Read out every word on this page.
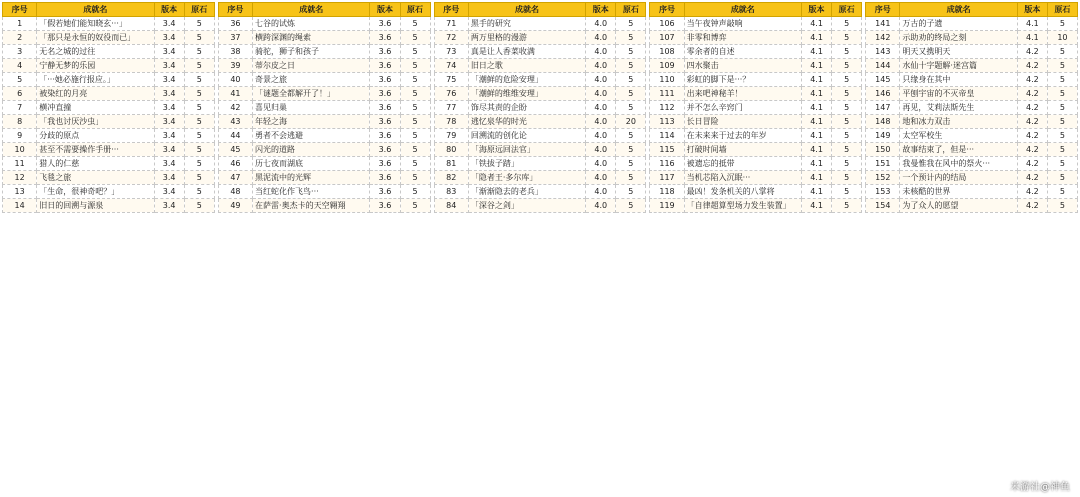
序号	成就名	版本	原石
1	「假若她们能知晓玄···」	3.4	5
2	「那只是永恒的奴役而已」	3.4	5
3	无名之城的过往	3.4	5
4	宁静无梦的乐园	3.4	5
5	「···她必施行报应。」	3.4	5
6	被染红的月亮	3.4	5
7	横冲直撞	3.4	5
8	「我也讨厌沙虫」	3.4	5
9	分歧的原点	3.4	5
10	甚至不需要操作手册···	3.4	5
11	猎人的仁慈	3.4	5
12	飞毯之旅	3.4	5
13	「生命，很神奇吧？」	3.4	5
14	旧日的回溯与源泉	3.4	5
序号	成就名	版本	原石
36	七谷的试炼	3.6	5
37	横跨深渊的绳索	3.6	5
38	骑驼，狮子和孩子	3.6	5
39	蒂尔皮之日	3.6	5
40	奇景之旅	3.6	5
41	「谜题全都解开了！」	3.6	5
42	喜见归巢	3.6	5
43	年轻之海	3.6	5
44	勇者不会逃避	3.6	5
45	闪光的道路	3.6	5
46	历七夜而湖底	3.6	5
47	黑泥流中的光辉	3.6	5
48	当红蛇化作飞鸟···	3.6	5
49	在萨雷·奥杰卡的天空翱翔	3.6	5
序号	成就名	版本	原石
71	黑手的研究	4.0	5
72	两万里格的漫游	4.0	5
73	真是让人香菜收满	4.0	5
74	旧日之歌	4.0	5
75	「潮鲜的危险安理」	4.0	5
76	「潮鲜的维维安理」	4.0	5
77	饰尽其责的企盼	4.0	5
78	逃忆泉华的时光	4.0	20
79	回溯流的创化论	4.0	5
80	「海原远回法官」	4.0	5
81	「铁拔子踏」	4.0	5
82	「隐者王·多尔库」	4.0	5
83	「渐渐隐去的老兵」	4.0	5
84	「深谷之剑」	4.0	5
序号	成就名	版本	原石
106	当午夜钟声敲响	4.1	5
107	非零和博弈	4.1	5
108	零余者的自述	4.1	5
109	四水聚击	4.1	5
110	彩虹的脚下是···？	4.1	5
111	出来吧神秘羊！	4.1	5
112	并不怎么辛窍门	4.1	5
113	长日冒险	4.1	5
114	在未来来于过去的年岁	4.1	5
115	打破时间墙	4.1	5
116	被遗忘的抵带	4.1	5
117	当机芯陷入沉眠···	4.1	5
118	最凶！发条机关的八掌将	4.1	5
119	「自律超算型场力发生装置」	4.1	5
序号	成就名	版本	原石
141	万古的子遗	4.1	5
142	示助劝的终局之刻	4.1	10
143	明天又携明天	4.2	5
144	水仙十字题解·迷宫篇	4.2	5
145	只缘身在其中	4.2	5
146	平刨宇宙的不灭帝皇	4.2	5
147	再见，艾莉法斯先生	4.2	5
148	地和冰力双击	4.2	5
149	太空军校生	4.2	5
150	故事结束了，但是···	4.2	5
151	我曼惟我在风中的祭火···	4.2	5
152	一个预计内的结局	4.2	5
153	未核酷的世界	4.2	5
154	为了众人的愿望	4.2	5
米游社@神鱼
